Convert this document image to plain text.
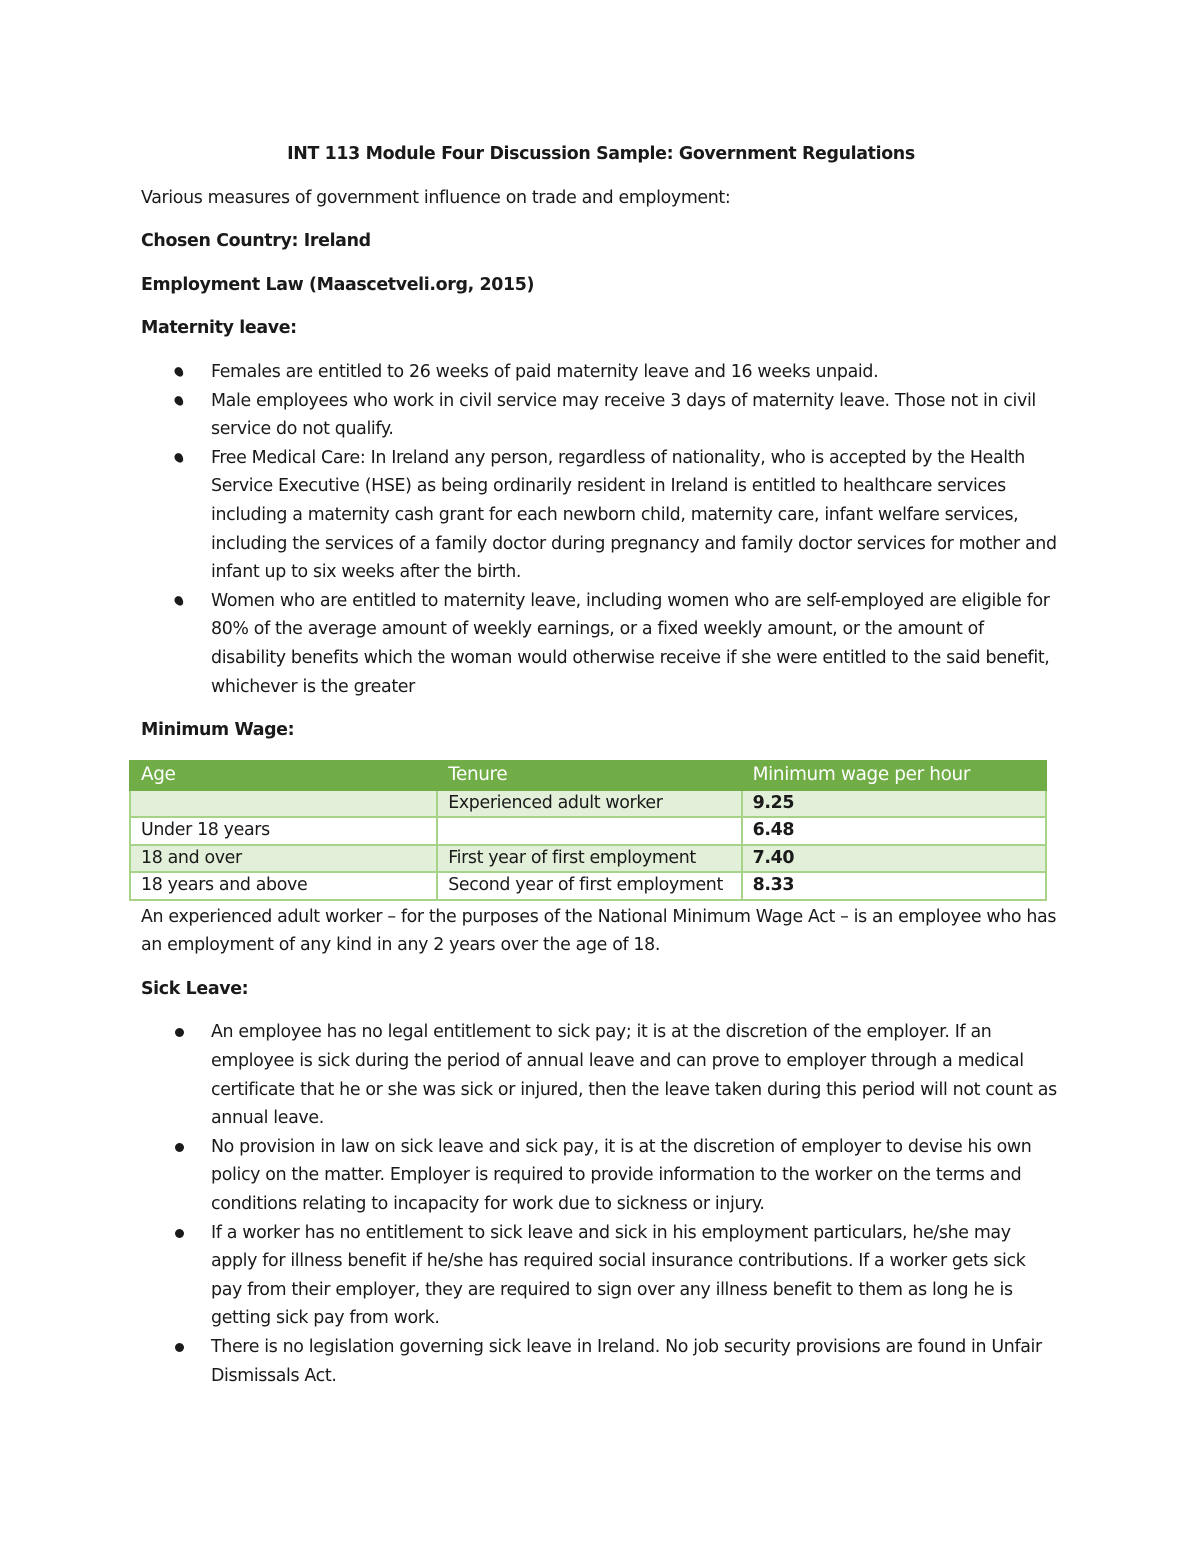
INT 113 Module Four Discussion Sample: Government Regulations

Various measures of government influence on trade and employment:

Chosen Country: Ireland

Employment Law (Maascetveli.org, 2015)

Maternity leave:

Females are entitled to 26 weeks of paid maternity leave and 16 weeks unpaid.
Male employees who work in civil service may receive 3 days of maternity leave. Those not in civil service do not qualify.
Free Medical Care: In Ireland any person, regardless of nationality, who is accepted by the Health Service Executive (HSE) as being ordinarily resident in Ireland is entitled to healthcare services including a maternity cash grant for each newborn child, maternity care, infant welfare services, including the services of a family doctor during pregnancy and family doctor services for mother and infant up to six weeks after the birth.
Women who are entitled to maternity leave, including women who are self-employed are eligible for 80% of the average amount of weekly earnings, or a fixed weekly amount, or the amount of disability benefits which the woman would otherwise receive if she were entitled to the said benefit, whichever is the greater

Minimum Wage:

Age	Tenure	Minimum wage per hour
	Experienced adult worker	9.25
Under 18 years		6.48
18 and over	First year of first employment	7.40
18 years and above	Second year of first employment	8.33

An experienced adult worker – for the purposes of the National Minimum Wage Act – is an employee who has an employment of any kind in any 2 years over the age of 18.

Sick Leave:

An employee has no legal entitlement to sick pay; it is at the discretion of the employer. If an employee is sick during the period of annual leave and can prove to employer through a medical certificate that he or she was sick or injured, then the leave taken during this period will not count as annual leave.
No provision in law on sick leave and sick pay, it is at the discretion of employer to devise his own policy on the matter. Employer is required to provide information to the worker on the terms and conditions relating to incapacity for work due to sickness or injury.
If a worker has no entitlement to sick leave and sick in his employment particulars, he/she may apply for illness benefit if he/she has required social insurance contributions. If a worker gets sick pay from their employer, they are required to sign over any illness benefit to them as long he is getting sick pay from work.
There is no legislation governing sick leave in Ireland. No job security provisions are found in Unfair Dismissals Act.
